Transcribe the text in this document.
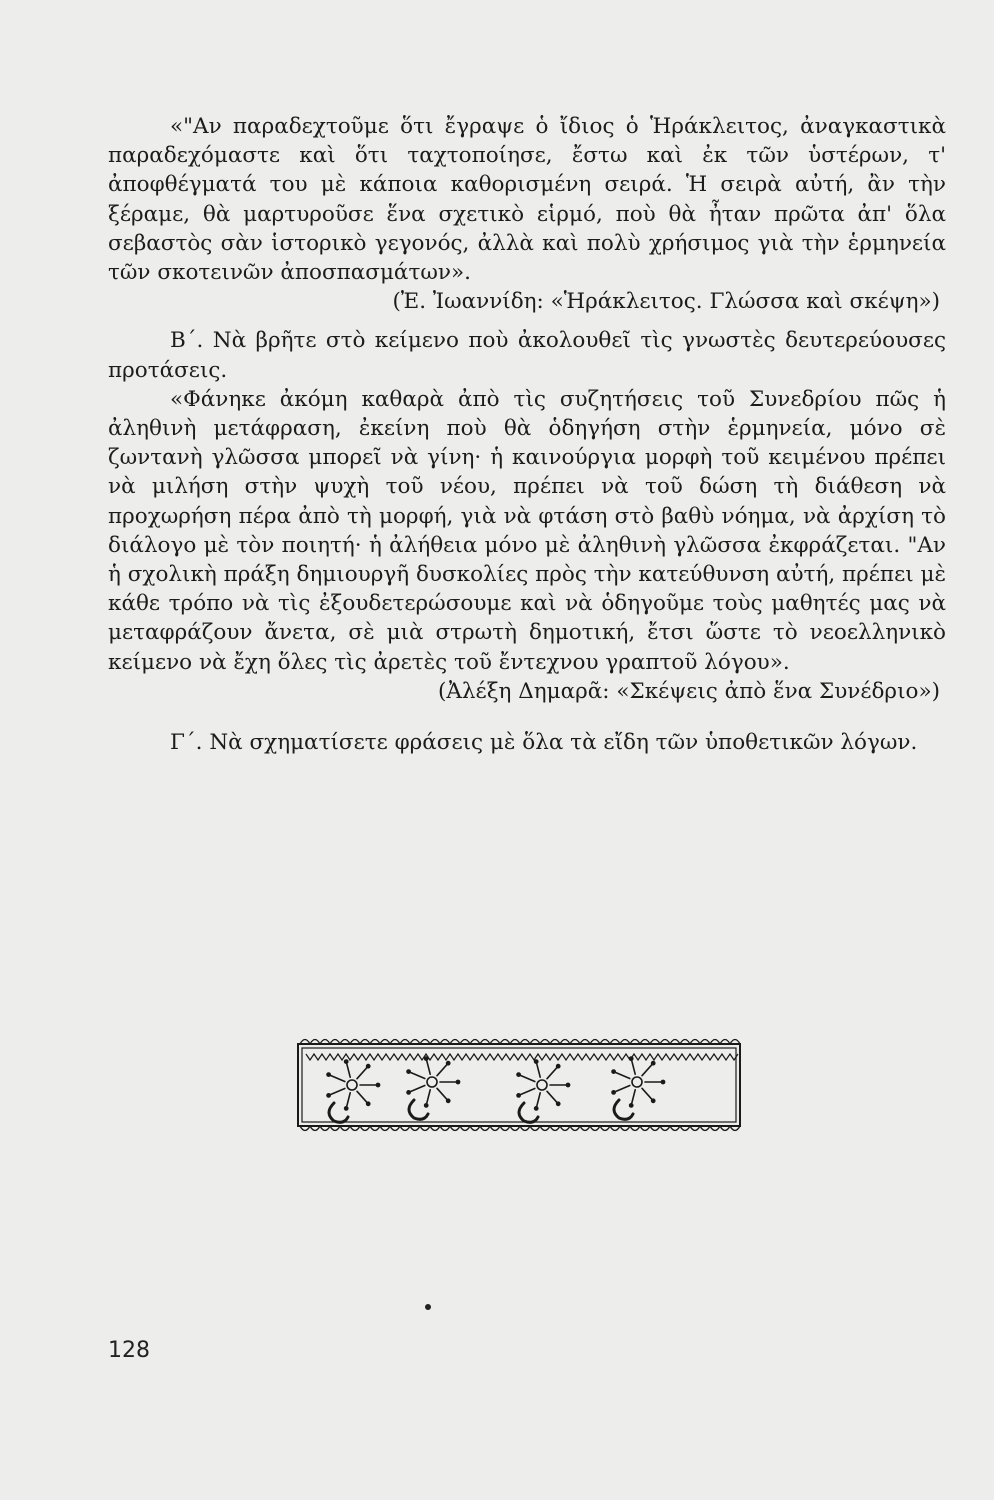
«"Αν παραδεχτοῦμε ὅτι ἔγραψε ὁ ἴδιος ὁ Ἡράκλειτος, ἀναγκαστικὰ παραδεχόμαστε καὶ ὅτι ταχτοποίησε, ἔστω καὶ ἐκ τῶν ὑστέρων, τ' ἀποφθέγματά του μὲ κάποια καθορισμένη σειρά. Ἡ σειρὰ αὐτή, ἂν τὴν ξέραμε, θὰ μαρτυροῦσε ἕνα σχετικὸ εἱρμό, ποὺ θὰ ἦταν πρῶτα ἀπ' ὅλα σεβαστὸς σὰν ἱστορικὸ γεγονός, ἀλλὰ καὶ πολὺ χρήσιμος γιὰ τὴν ἑρμηνεία τῶν σκοτεινῶν ἀποσπασμάτων».

(Ἐ. Ἰωαννίδη: «Ἡράκλειτος. Γλώσσα καὶ σκέψη»)

Β΄. Νὰ βρῆτε στὸ κείμενο ποὺ ἀκολουθεῖ τὶς γνωστὲς δευτερεύουσες προτάσεις.

«Φάνηκε ἀκόμη καθαρὰ ἀπὸ τὶς συζητήσεις τοῦ Συνεδρίου πῶς ἡ ἀληθινὴ μετάφραση, ἐκείνη ποὺ θὰ ὁδηγήση στὴν ἑρμηνεία, μόνο σὲ ζωντανὴ γλῶσσα μπορεῖ νὰ γίνη· ἡ καινούργια μορφὴ τοῦ κειμένου πρέπει νὰ μιλήση στὴν ψυχὴ τοῦ νέου, πρέπει νὰ τοῦ δώση τὴ διάθεση νὰ προχωρήση πέρα ἀπὸ τὴ μορφή, γιὰ νὰ φτάση στὸ βαθὺ νόημα, νὰ ἀρχίση τὸ διάλογο μὲ τὸν ποιητή· ἡ ἀλήθεια μόνο μὲ ἀληθινὴ γλῶσσα ἐκφράζεται. "Αν ἡ σχολικὴ πράξη δημιουργῆ δυσκολίες πρὸς τὴν κατεύθυνση αὐτή, πρέπει μὲ κάθε τρόπο νὰ τὶς ἐξουδετερώσουμε καὶ νὰ ὁδηγοῦμε τοὺς μαθητές μας νὰ μεταφράζουν ἄνετα, σὲ μιὰ στρωτὴ δημοτική, ἔτσι ὥστε τὸ νεοελληνικὸ κείμενο νὰ ἔχη ὅλες τὶς ἀρετὲς τοῦ ἔντεχνου γραπτοῦ λόγου».

(Ἀλέξη Δημαρᾶ: «Σκέψεις ἀπὸ ἕνα Συνέδριο»)

Γ΄. Νὰ σχηματίσετε φράσεις μὲ ὅλα τὰ εἴδη τῶν ὑποθετικῶν λόγων.

128
